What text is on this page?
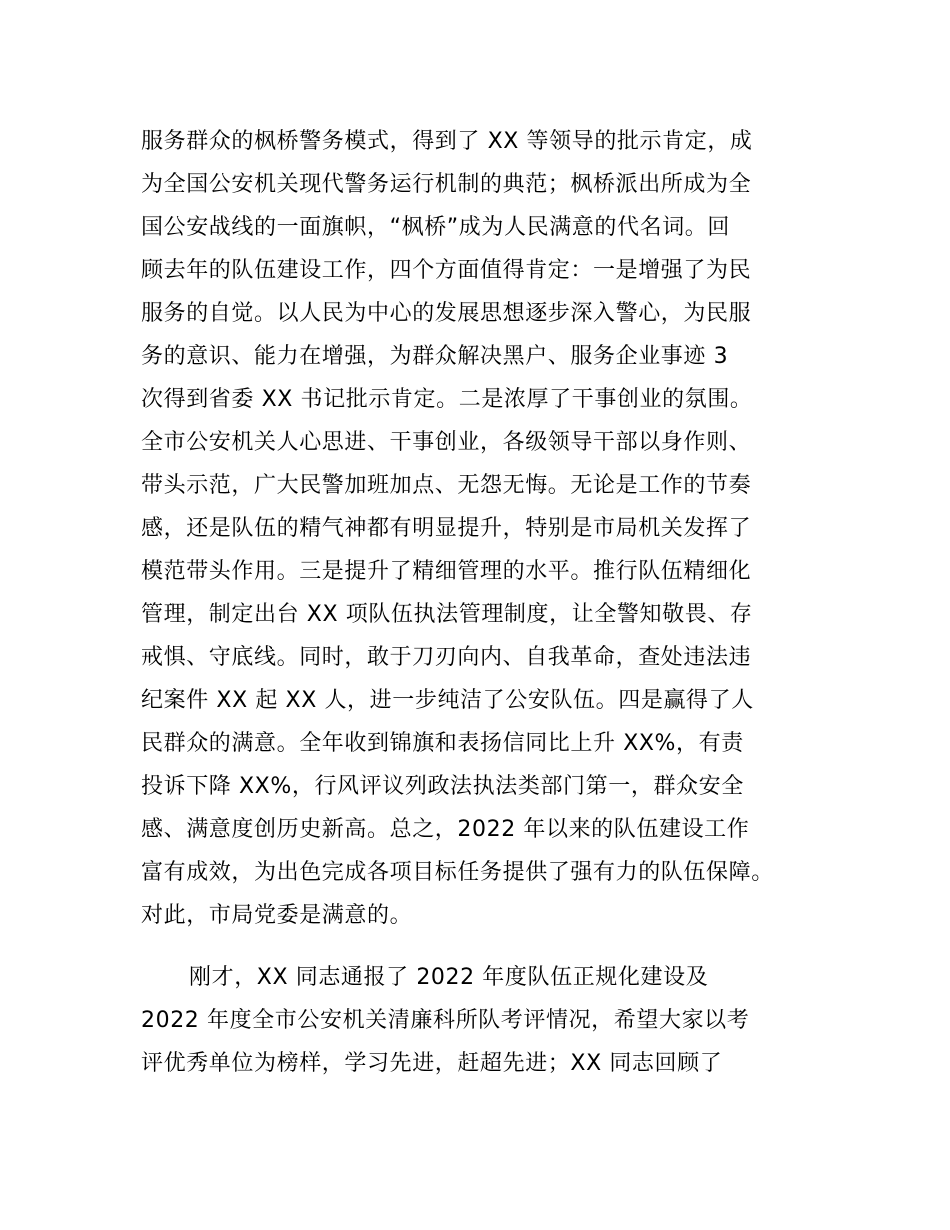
服务群众的枫桥警务模式，得到了 XX 等领导的批示肯定，成
为全国公安机关现代警务运行机制的典范；枫桥派出所成为全
国公安战线的一面旗帜，“枫桥”成为人民满意的代名词。回
顾去年的队伍建设工作，四个方面值得肯定：一是增强了为民
服务的自觉。以人民为中心的发展思想逐步深入警心，为民服
务的意识、能力在增强，为群众解决黑户、服务企业事迹 3
次得到省委 XX 书记批示肯定。二是浓厚了干事创业的氛围。
全市公安机关人心思进、干事创业，各级领导干部以身作则、
带头示范，广大民警加班加点、无怨无悔。无论是工作的节奏
感，还是队伍的精气神都有明显提升，特别是市局机关发挥了
模范带头作用。三是提升了精细管理的水平。推行队伍精细化
管理，制定出台 XX 项队伍执法管理制度，让全警知敬畏、存
戒惧、守底线。同时，敢于刀刃向内、自我革命，查处违法违
纪案件 XX 起 XX 人，进一步纯洁了公安队伍。四是赢得了人
民群众的满意。全年收到锦旗和表扬信同比上升 XX%，有责
投诉下降 XX%，行风评议列政法执法类部门第一，群众安全
感、满意度创历史新高。总之，2022 年以来的队伍建设工作
富有成效，为出色完成各项目标任务提供了强有力的队伍保障。
对此，市局党委是满意的。
刚才，XX 同志通报了 2022 年度队伍正规化建设及
2022 年度全市公安机关清廉科所队考评情况，希望大家以考
评优秀单位为榜样，学习先进，赶超先进；XX 同志回顾了
